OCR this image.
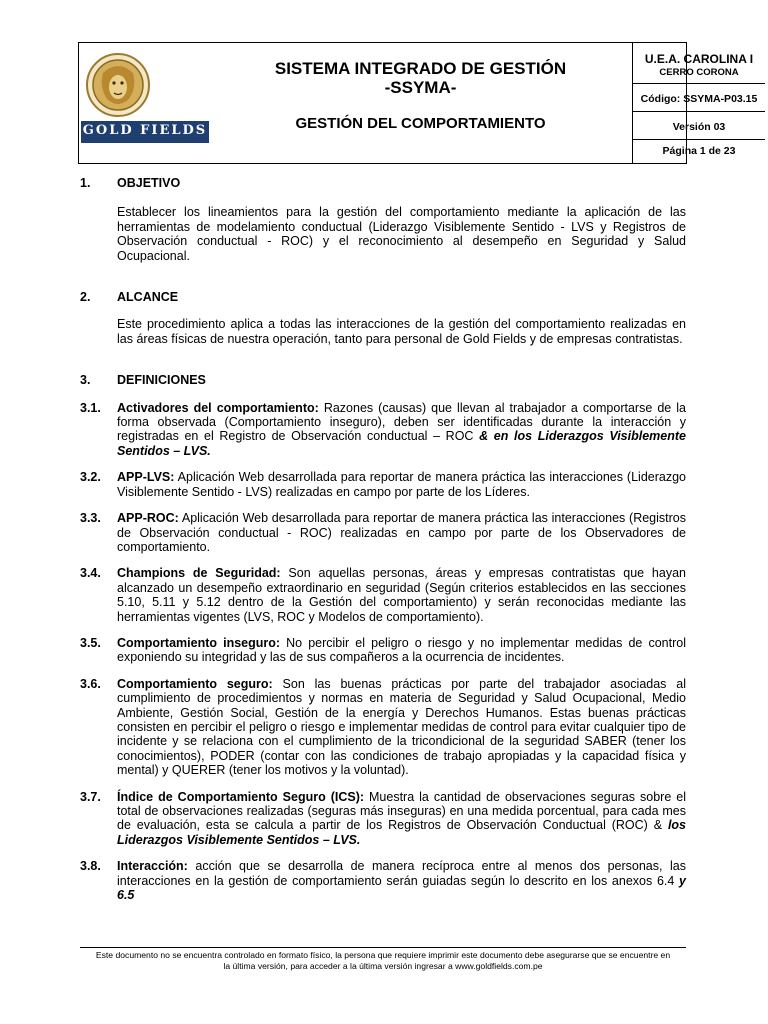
GOLD FIELDS
SISTEMA INTEGRADO DE GESTIÓN
-SSYMA-
GESTIÓN DEL COMPORTAMIENTO
U.E.A. CAROLINA I
CERRO CORONA
Código: SSYMA-P03.15
Versión 03
Página 1 de 23
1.	OBJETIVO
Establecer los lineamientos para la gestión del comportamiento mediante la aplicación de las herramientas de modelamiento conductual (Liderazgo Visiblemente Sentido - LVS y Registros de Observación conductual - ROC) y el reconocimiento al desempeño en Seguridad y Salud Ocupacional.
2.	ALCANCE
Este procedimiento aplica a todas las interacciones de la gestión del comportamiento realizadas en las áreas físicas de nuestra operación, tanto para personal de Gold Fields y de empresas contratistas.
3.	DEFINICIONES
3.1.	Activadores del comportamiento: Razones (causas) que llevan al trabajador a comportarse de la forma observada (Comportamiento inseguro), deben ser identificadas durante la interacción y registradas en el Registro de Observación conductual – ROC & en los Liderazgos Visiblemente Sentidos – LVS.
3.2.	APP-LVS: Aplicación Web desarrollada para reportar de manera práctica las interacciones (Liderazgo Visiblemente Sentido - LVS) realizadas en campo por parte de los Líderes.
3.3.	APP-ROC: Aplicación Web desarrollada para reportar de manera práctica las interacciones (Registros de Observación conductual - ROC) realizadas en campo por parte de los Observadores de comportamiento.
3.4.	Champions de Seguridad: Son aquellas personas, áreas y empresas contratistas que hayan alcanzado un desempeño extraordinario en seguridad (Según criterios establecidos en las secciones 5.10, 5.11 y 5.12 dentro de la Gestión del comportamiento) y serán reconocidas mediante las herramientas vigentes (LVS, ROC y Modelos de comportamiento).
3.5.	Comportamiento inseguro: No percibir el peligro o riesgo y no implementar medidas de control exponiendo su integridad y las de sus compañeros a la ocurrencia de incidentes.
3.6.	Comportamiento seguro: Son las buenas prácticas por parte del trabajador asociadas al cumplimiento de procedimientos y normas en materia de Seguridad y Salud Ocupacional, Medio Ambiente, Gestión Social, Gestión de la energía y Derechos Humanos. Estas buenas prácticas consisten en percibir el peligro o riesgo e implementar medidas de control para evitar cualquier tipo de incidente y se relaciona con el cumplimiento de la tricondicional de la seguridad SABER (tener los conocimientos), PODER (contar con las condiciones de trabajo apropiadas y la capacidad física y mental) y QUERER (tener los motivos y la voluntad).
3.7.	Índice de Comportamiento Seguro (ICS): Muestra la cantidad de observaciones seguras sobre el total de observaciones realizadas (seguras más inseguras) en una medida porcentual, para cada mes de evaluación, esta se calcula a partir de los Registros de Observación Conductual (ROC) & los Liderazgos Visiblemente Sentidos – LVS.
3.8.	Interacción: acción que se desarrolla de manera recíproca entre al menos dos personas, las interacciones en la gestión de comportamiento serán guiadas según lo descrito en los anexos 6.4 y 6.5
Este documento no se encuentra controlado en formato físico, la persona que requiere imprimir este documento debe asegurarse que se encuentre en
la última versión, para acceder a la última versión ingresar a www.goldfields.com.pe
